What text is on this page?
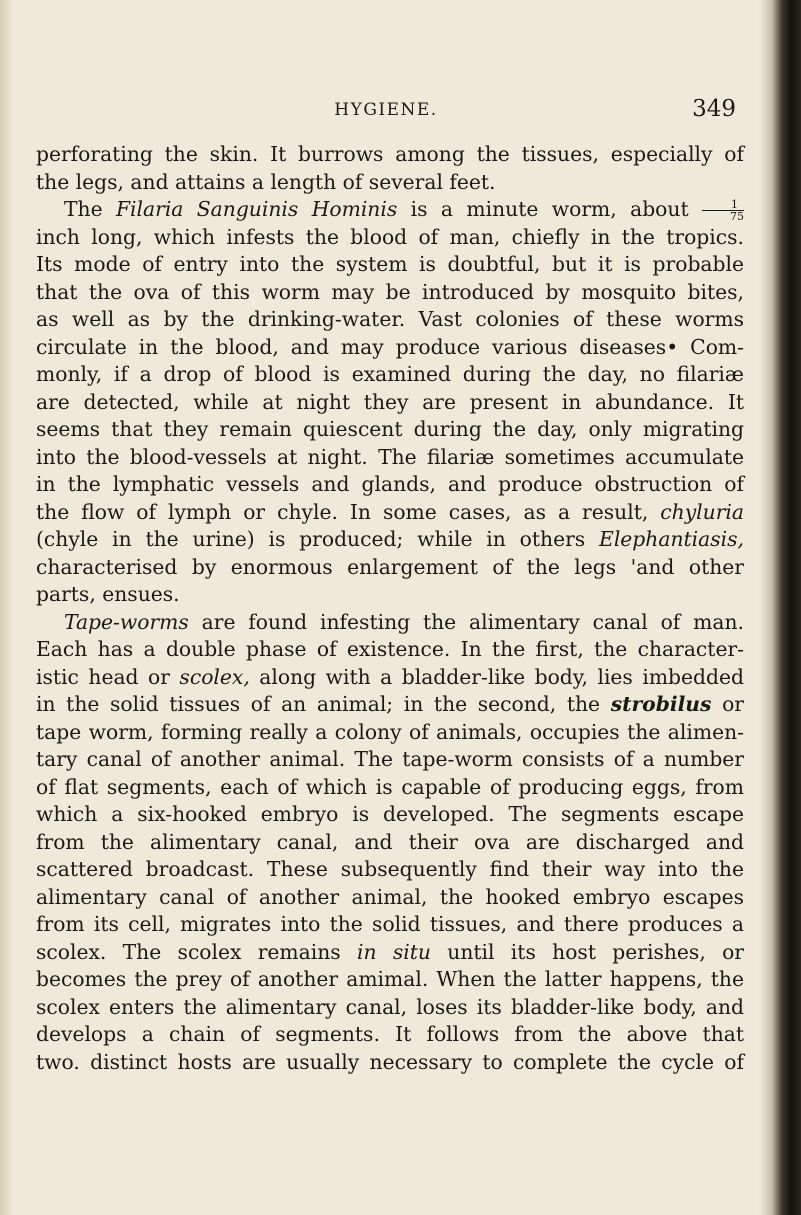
HYGIENE.	349

perforating the skin. It burrows among the tissues, especially of
the legs, and attains a length of several feet.

The Filaria Sanguinis Hominis is a minute worm, about $\frac{1}{75}$
inch long, which infests the blood of man, chiefly in the tropics.
Its mode of entry into the system is doubtful, but it is probable
that the ova of this worm may be introduced by mosquito bites,
as well as by the drinking-water. Vast colonies of these worms
circulate in the blood, and may produce various diseases• Com-
monly, if a drop of blood is examined during the day, no filariæ
are detected, while at night they are present in abundance. It
seems that they remain quiescent during the day, only migrating
into the blood-vessels at night. The filariæ sometimes accumulate
in the lymphatic vessels and glands, and produce obstruction of
the flow of lymph or chyle. In some cases, as a result, chyluria
(chyle in the urine) is produced; while in others Elephantiasis,
characterised by enormous enlargement of the legs 'and other
parts, ensues.

Tape-worms are found infesting the alimentary canal of man.
Each has a double phase of existence. In the first, the character-
istic head or scolex, along with a bladder-like body, lies imbedded
in the solid tissues of an animal; in the second, the strobilus or
tape worm, forming really a colony of animals, occupies the alimen-
tary canal of another animal. The tape-worm consists of a number
of flat segments, each of which is capable of producing eggs, from
which a six-hooked embryo is developed. The segments escape
from the alimentary canal, and their ova are discharged and
scattered broadcast. These subsequently find their way into the
alimentary canal of another animal, the hooked embryo escapes
from its cell, migrates into the solid tissues, and there produces a
scolex. The scolex remains in situ until its host perishes, or
becomes the prey of another amimal. When the latter happens, the
scolex enters the alimentary canal, loses its bladder-like body, and
develops a chain of segments. It follows from the above that
two. distinct hosts are usually necessary to complete the cycle of
